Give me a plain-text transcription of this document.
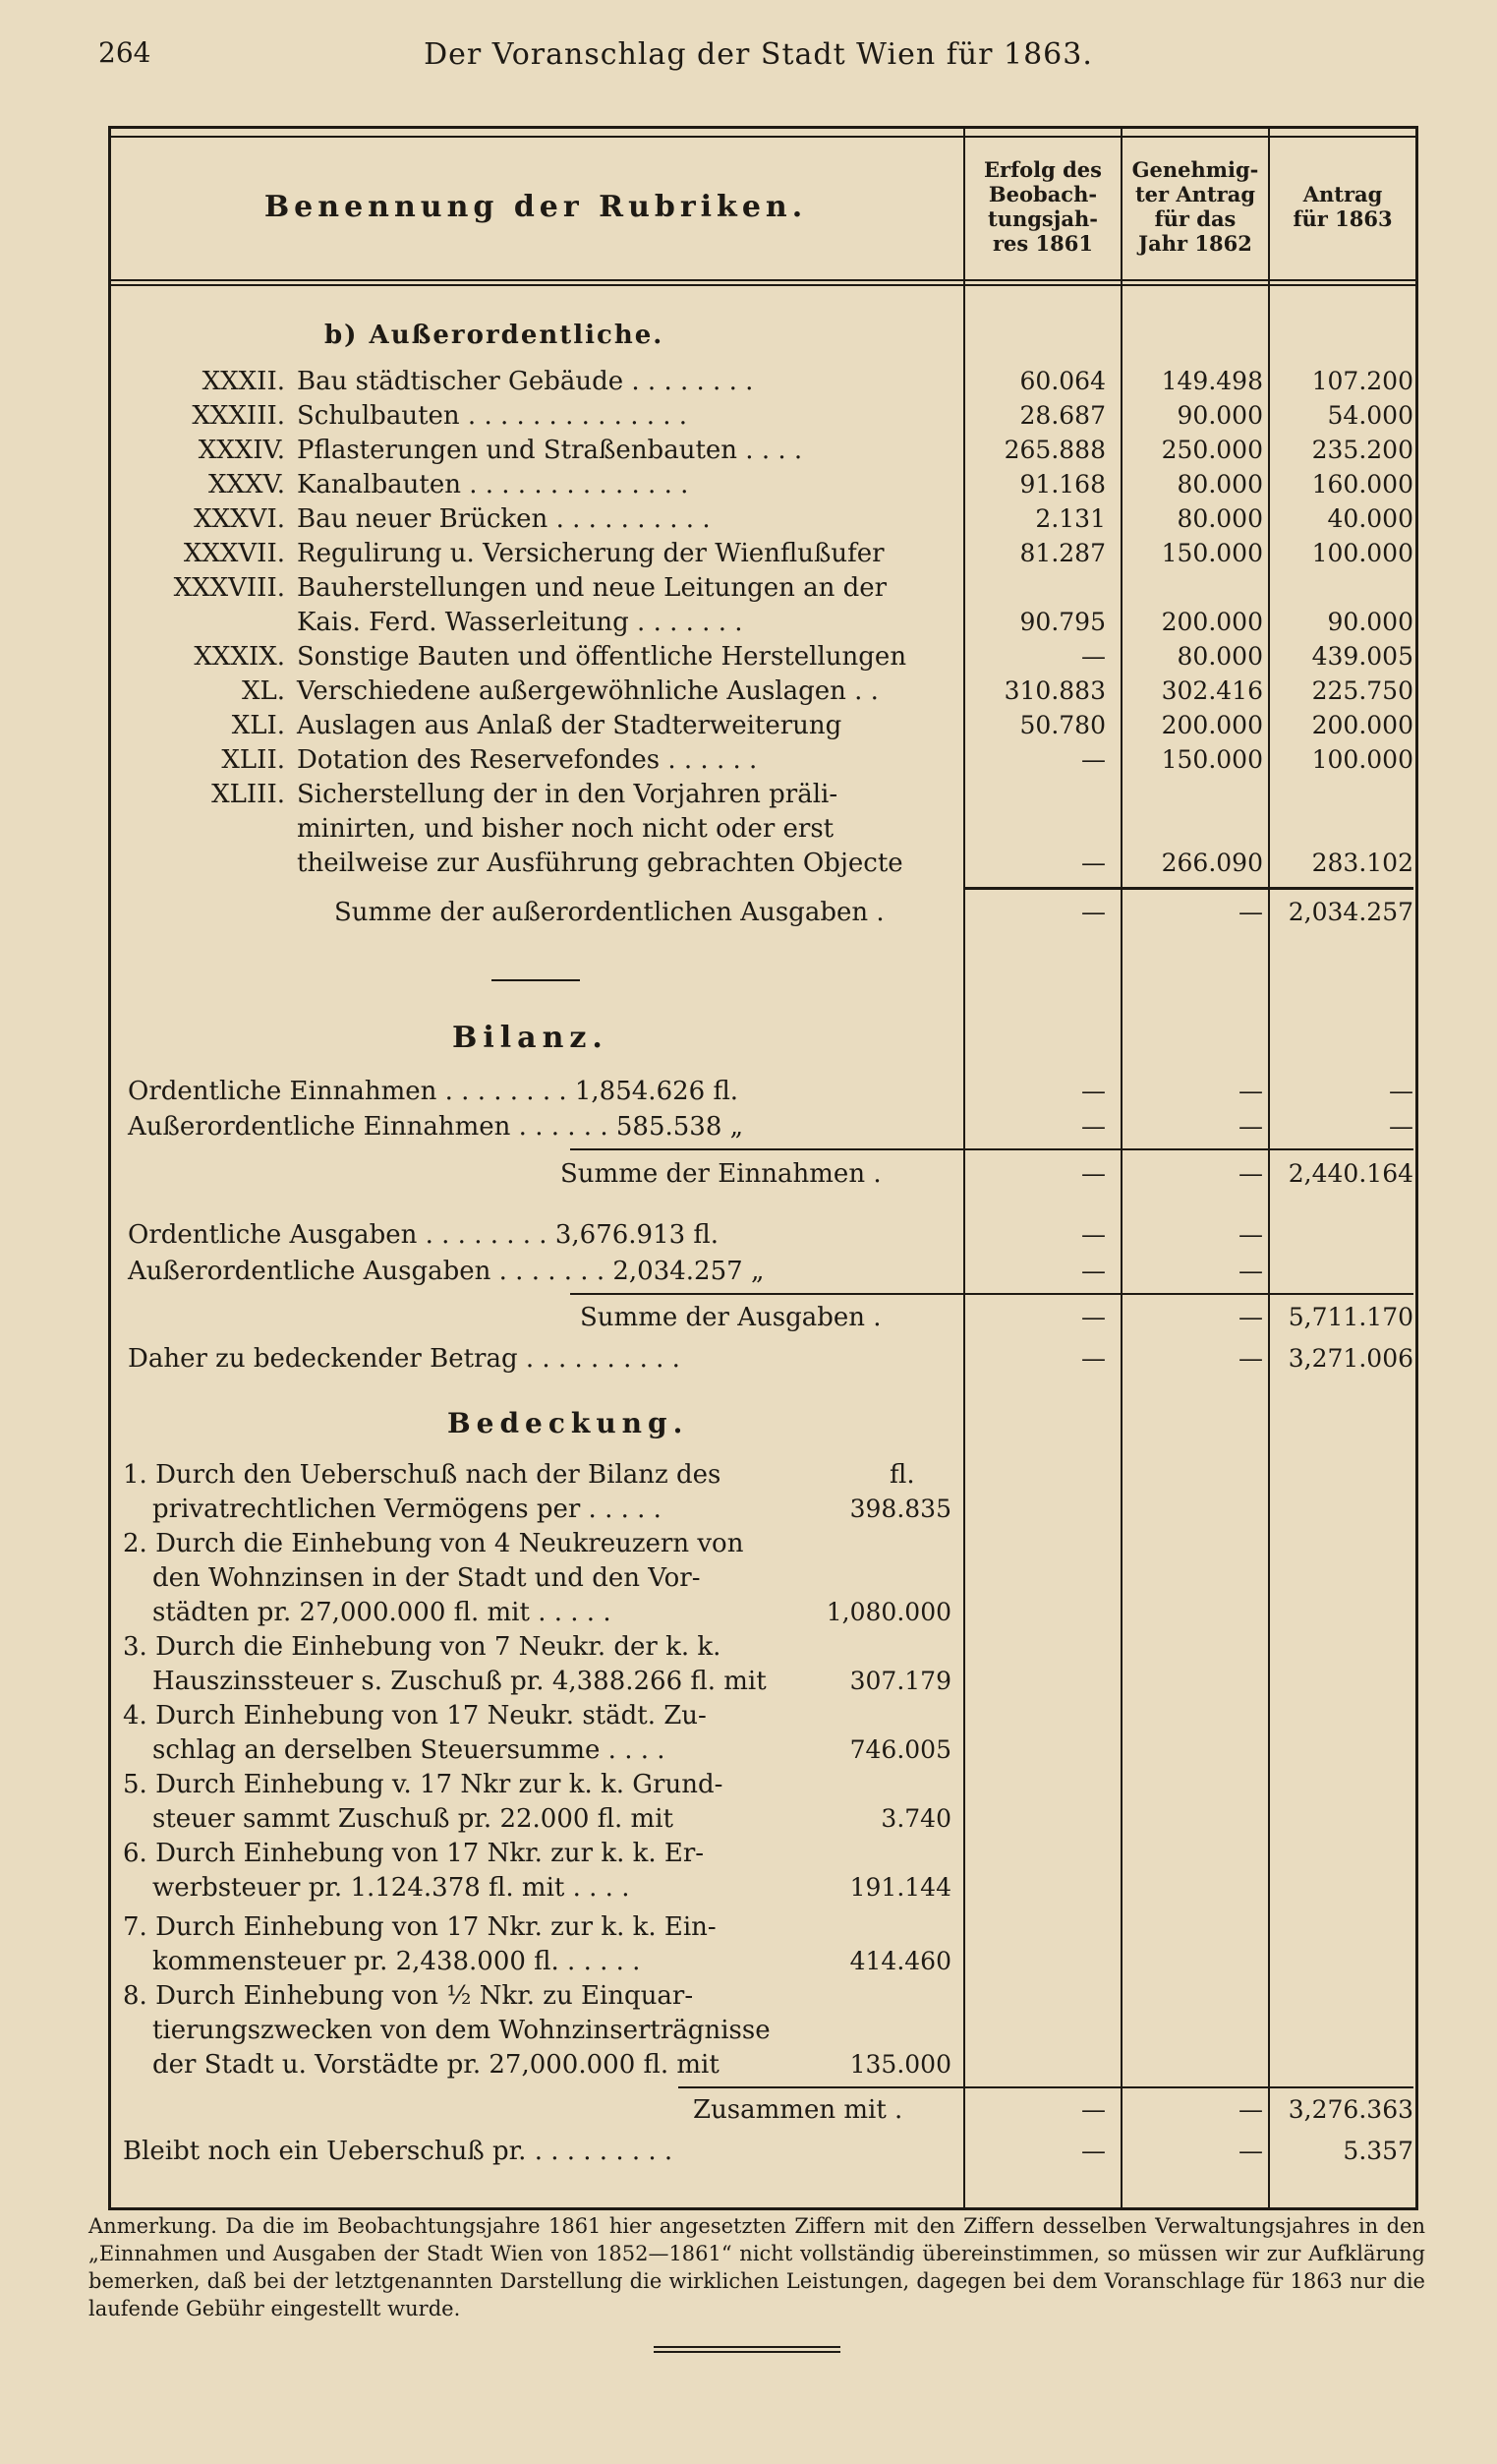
264	Der Voranschlag der Stadt Wien für 1863.
Benennung der Rubriken.
Erfolg des
Beobach-
tungsjah-
res 1861
Genehmig-
ter Antrag
für das
Jahr 1862
Antrag
für 1863
b) Außerordentliche.
XXXII. Bau städtischer Gebäude . . . . . . . .	60.064	149.498	107.200
XXXIII. Schulbauten . . . . . . . . . . . . . .	28.687	90.000	54.000
XXXIV. Pflasterungen und Straßenbauten . . . .	265.888	250.000	235.200
XXXV. Kanalbauten . . . . . . . . . . . . . .	91.168	80.000	160.000
XXXVI. Bau neuer Brücken . . . . . . . . . .	2.131	80.000	40.000
XXXVII. Regulirung u. Versicherung der Wienflußufer	81.287	150.000	100.000
XXXVIII. Bauherstellungen und neue Leitungen an der
Kais. Ferd. Wasserleitung . . . . . . .	90.795	200.000	90.000
XXXIX. Sonstige Bauten und öffentliche Herstellungen	—	80.000	439.005
XL. Verschiedene außergewöhnliche Auslagen . .	310.883	302.416	225.750
XLI. Auslagen aus Anlaß der Stadterweiterung	50.780	200.000	200.000
XLII. Dotation des Reservefondes . . . . . .	—	150.000	100.000
XLIII. Sicherstellung der in den Vorjahren präli-
minirten, und bisher noch nicht oder erst
theilweise zur Ausführung gebrachten Objecte	—	266.090	283.102
Summe der außerordentlichen Ausgaben .	—	—	2,034.257
Bilanz.
Ordentliche Einnahmen . . . . . . . . 1,854.626 fl.	—	—	—
Außerordentliche Einnahmen . . . . . . 585.538 „	—	—	—
Summe der Einnahmen .	—	—	2,440.164
Ordentliche Ausgaben . . . . . . . . 3,676.913 fl.	—	—
Außerordentliche Ausgaben . . . . . . . 2,034.257 „	—	—
Summe der Ausgaben .	—	—	5,711.170
Daher zu bedeckender Betrag . . . . . . . . . .	—	—	3,271.006
Bedeckung.
fl.
1. Durch den Ueberschuß nach der Bilanz des
privatrechtlichen Vermögens per . . . . .	398.835
2. Durch die Einhebung von 4 Neukreuzern von
den Wohnzinsen in der Stadt und den Vor-
städten pr. 27,000.000 fl. mit . . . . .	1,080.000
3. Durch die Einhebung von 7 Neukr. der k. k.
Hauszinssteuer s. Zuschuß pr. 4,388.266 fl. mit	307.179
4. Durch Einhebung von 17 Neukr. städt. Zu-
schlag an derselben Steuersumme . . . .	746.005
5. Durch Einhebung v. 17 Nkr zur k. k. Grund-
steuer sammt Zuschuß pr. 22.000 fl. mit	3.740
6. Durch Einhebung von 17 Nkr. zur k. k. Er-
werbsteuer pr. 1.124.378 fl. mit . . . .	191.144
7. Durch Einhebung von 17 Nkr. zur k. k. Ein-
kommensteuer pr. 2,438.000 fl. . . . . .	414.460
8. Durch Einhebung von ½ Nkr. zu Einquar-
tierungszwecken von dem Wohnzinserträgnisse
der Stadt u. Vorstädte pr. 27,000.000 fl. mit	135.000
Zusammen mit .	—	—	3,276.363
Bleibt noch ein Ueberschuß pr. . . . . . . . . .	—	—	5.357
Anmerkung. Da die im Beobachtungsjahre 1861 hier angesetzten Ziffern mit den Ziffern desselben Verwaltungsjahres in den „Einnahmen und Ausgaben der Stadt Wien von 1852—1861“ nicht vollständig übereinstimmen, so müssen wir zur Aufklärung bemerken, daß bei der letztgenannten Darstellung die wirklichen Leistungen, dagegen bei dem Voranschlage für 1863 nur die laufende Gebühr eingestellt wurde.
